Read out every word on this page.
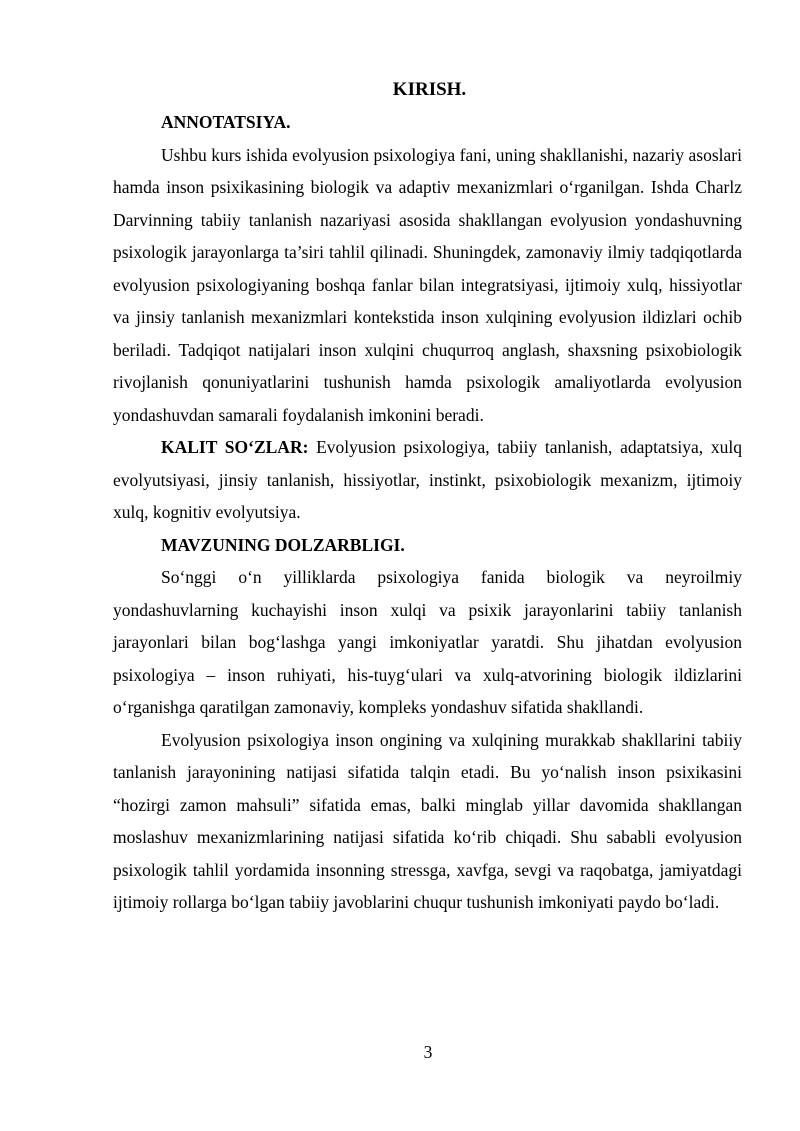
KIRISH.

ANNOTATSIYA.

Ushbu kurs ishida evolyusion psixologiya fani, uning shakllanishi, nazariy asoslari hamda inson psixikasining biologik va adaptiv mexanizmlari o‘rganilgan. Ishda Charlz Darvinning tabiiy tanlanish nazariyasi asosida shakllangan evolyusion yondashuvning psixologik jarayonlarga ta’siri tahlil qilinadi. Shuningdek, zamonaviy ilmiy tadqiqotlarda evolyusion psixologiyaning boshqa fanlar bilan integratsiyasi, ijtimoiy xulq, hissiyotlar va jinsiy tanlanish mexanizmlari kontekstida inson xulqining evolyusion ildizlari ochib beriladi. Tadqiqot natijalari inson xulqini chuqurroq anglash, shaxsning psixobiologik rivojlanish qonuniyatlarini tushunish hamda psixologik amaliyotlarda evolyusion yondashuvdan samarali foydalanish imkonini beradi.

KALIT SO‘ZLAR: Evolyusion psixologiya, tabiiy tanlanish, adaptatsiya, xulq evolyutsiyasi, jinsiy tanlanish, hissiyotlar, instinkt, psixobiologik mexanizm, ijtimoiy xulq, kognitiv evolyutsiya.

MAVZUNING DOLZARBLIGI.

So‘nggi o‘n yilliklarda psixologiya fanida biologik va neyroilmiy yondashuvlarning kuchayishi inson xulqi va psixik jarayonlarini tabiiy tanlanish jarayonlari bilan bog‘lashga yangi imkoniyatlar yaratdi. Shu jihatdan evolyusion psixologiya – inson ruhiyati, his-tuyg‘ulari va xulq-atvorining biologik ildizlarini o‘rganishga qaratilgan zamonaviy, kompleks yondashuv sifatida shakllandi.

Evolyusion psixologiya inson ongining va xulqining murakkab shakllarini tabiiy tanlanish jarayonining natijasi sifatida talqin etadi. Bu yo‘nalish inson psixikasini “hozirgi zamon mahsuli” sifatida emas, balki minglab yillar davomida shakllangan moslashuv mexanizmlarining natijasi sifatida ko‘rib chiqadi. Shu sababli evolyusion psixologik tahlil yordamida insonning stressga, xavfga, sevgi va raqobatga, jamiyatdagi ijtimoiy rollarga bo‘lgan tabiiy javoblarini chuqur tushunish imkoniyati paydo bo‘ladi.

3
